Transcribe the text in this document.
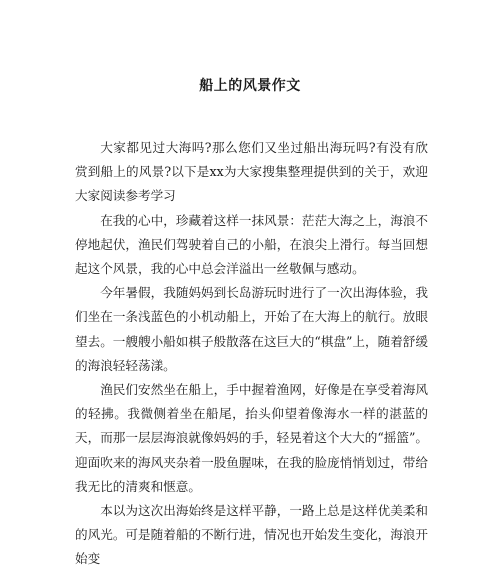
船上的风景作文

大家都见过大海吗?那么您们又坐过船出海玩吗?有没有欣赏到船上的风景?以下是xx为大家搜集整理提供到的关于，欢迎大家阅读参考学习

在我的心中，珍藏着这样一抹风景：茫茫大海之上，海浪不停地起伏，渔民们驾驶着自己的小船，在浪尖上滑行。每当回想起这个风景，我的心中总会洋溢出一丝敬佩与感动。

今年暑假，我随妈妈到长岛游玩时进行了一次出海体验，我们坐在一条浅蓝色的小机动船上，开始了在大海上的航行。放眼望去。一艘艘小船如棋子般散落在这巨大的“棋盘”上，随着舒缓的海浪轻轻荡漾。

渔民们安然坐在船上，手中握着渔网，好像是在享受着海风的轻拂。我微侧着坐在船尾，抬头仰望着像海水一样的湛蓝的天，而那一层层海浪就像妈妈的手，轻晃着这个大大的“摇篮”。迎面吹来的海风夹杂着一股鱼腥味，在我的脸庞悄悄划过，带给我无比的清爽和惬意。

本以为这次出海始终是这样平静，一路上总是这样优美柔和的风光。可是随着船的不断行进，情况也开始发生变化，海浪开始变
